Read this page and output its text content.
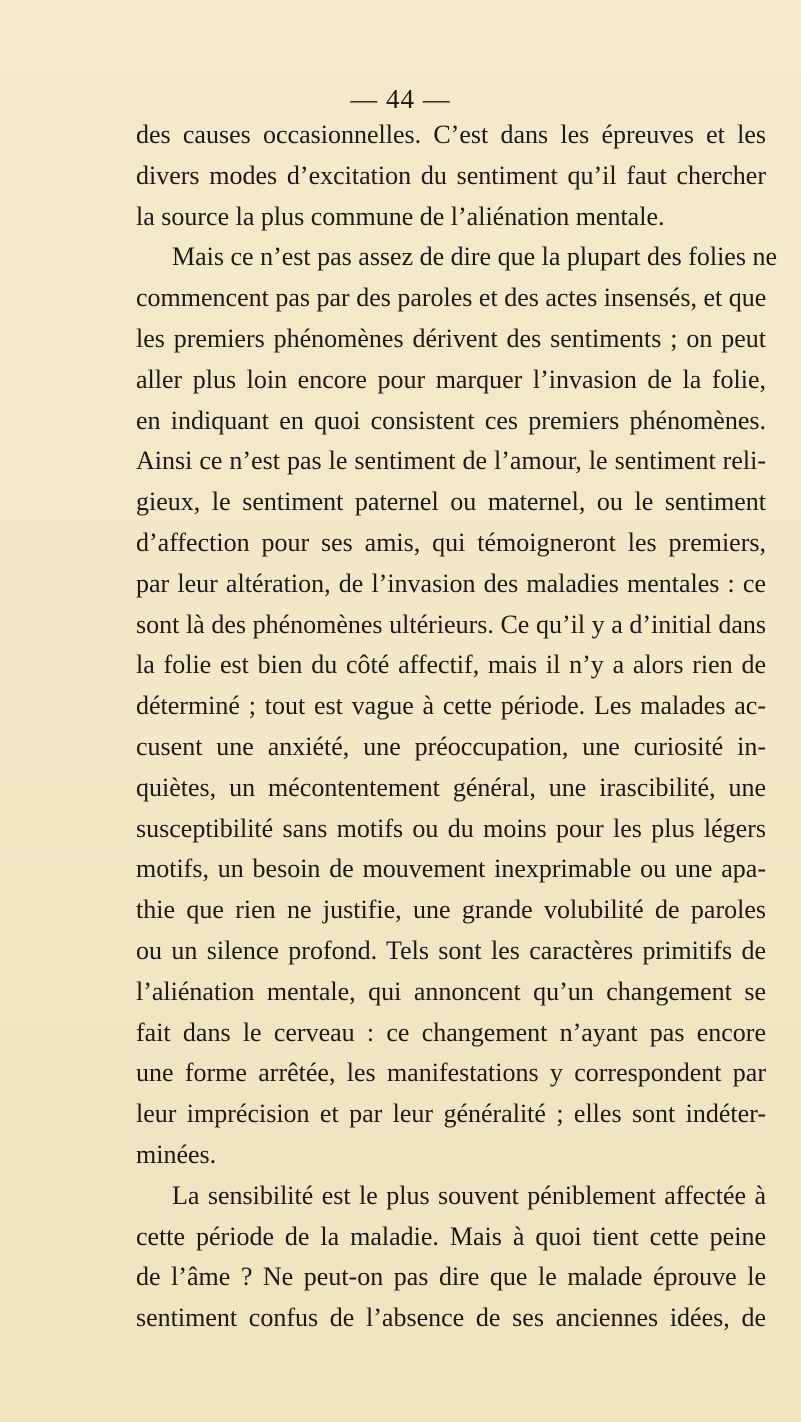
— 44 —
des causes occasionnelles. C’est dans les épreuves et les
divers modes d’excitation du sentiment qu’il faut chercher
la source la plus commune de l’aliénation mentale.
Mais ce n’est pas assez de dire que la plupart des folies ne
commencent pas par des paroles et des actes insensés, et que
les premiers phénomènes dérivent des sentiments ; on peut
aller plus loin encore pour marquer l’invasion de la folie,
en indiquant en quoi consistent ces premiers phénomènes.
Ainsi ce n’est pas le sentiment de l’amour, le sentiment reli-
gieux, le sentiment paternel ou maternel, ou le sentiment
d’affection pour ses amis, qui témoigneront les premiers,
par leur altération, de l’invasion des maladies mentales : ce
sont là des phénomènes ultérieurs. Ce qu’il y a d’initial dans
la folie est bien du côté affectif, mais il n’y a alors rien de
déterminé ; tout est vague à cette période. Les malades ac-
cusent une anxiété, une préoccupation, une curiosité in-
quiètes, un mécontentement général, une irascibilité, une
susceptibilité sans motifs ou du moins pour les plus légers
motifs, un besoin de mouvement inexprimable ou une apa-
thie que rien ne justifie, une grande volubilité de paroles
ou un silence profond. Tels sont les caractères primitifs de
l’aliénation mentale, qui annoncent qu’un changement se
fait dans le cerveau : ce changement n’ayant pas encore
une forme arrêtée, les manifestations y correspondent par
leur imprécision et par leur généralité ; elles sont indéter-
minées.
La sensibilité est le plus souvent péniblement affectée à
cette période de la maladie. Mais à quoi tient cette peine
de l’âme ? Ne peut-on pas dire que le malade éprouve le
sentiment confus de l’absence de ses anciennes idées, de
